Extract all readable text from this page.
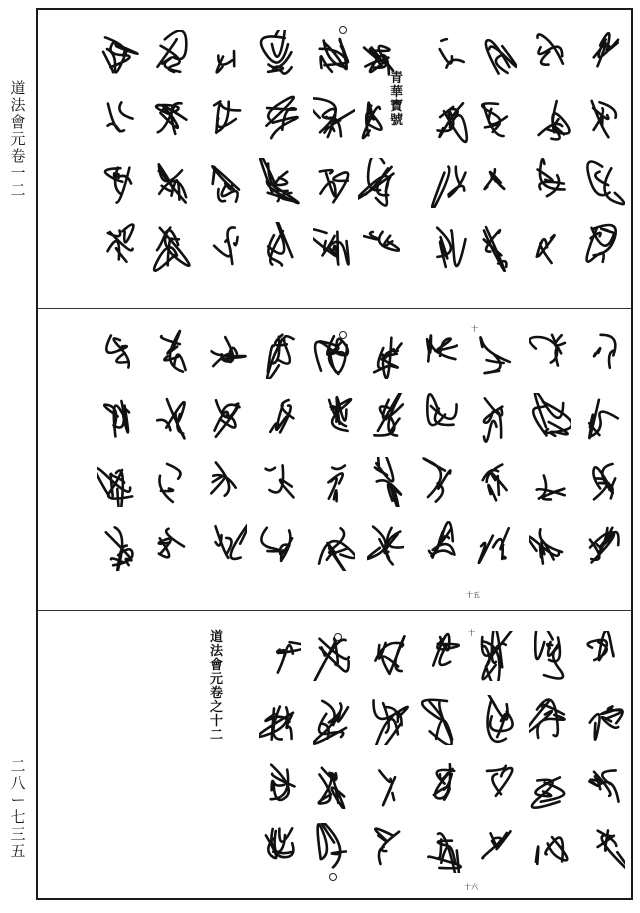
道
法
會
元
卷
一
二
二
八
ー
七
三
五
青
華
寶
號
十
十五
道
法
會
元
卷
之
十
二
十
十六
